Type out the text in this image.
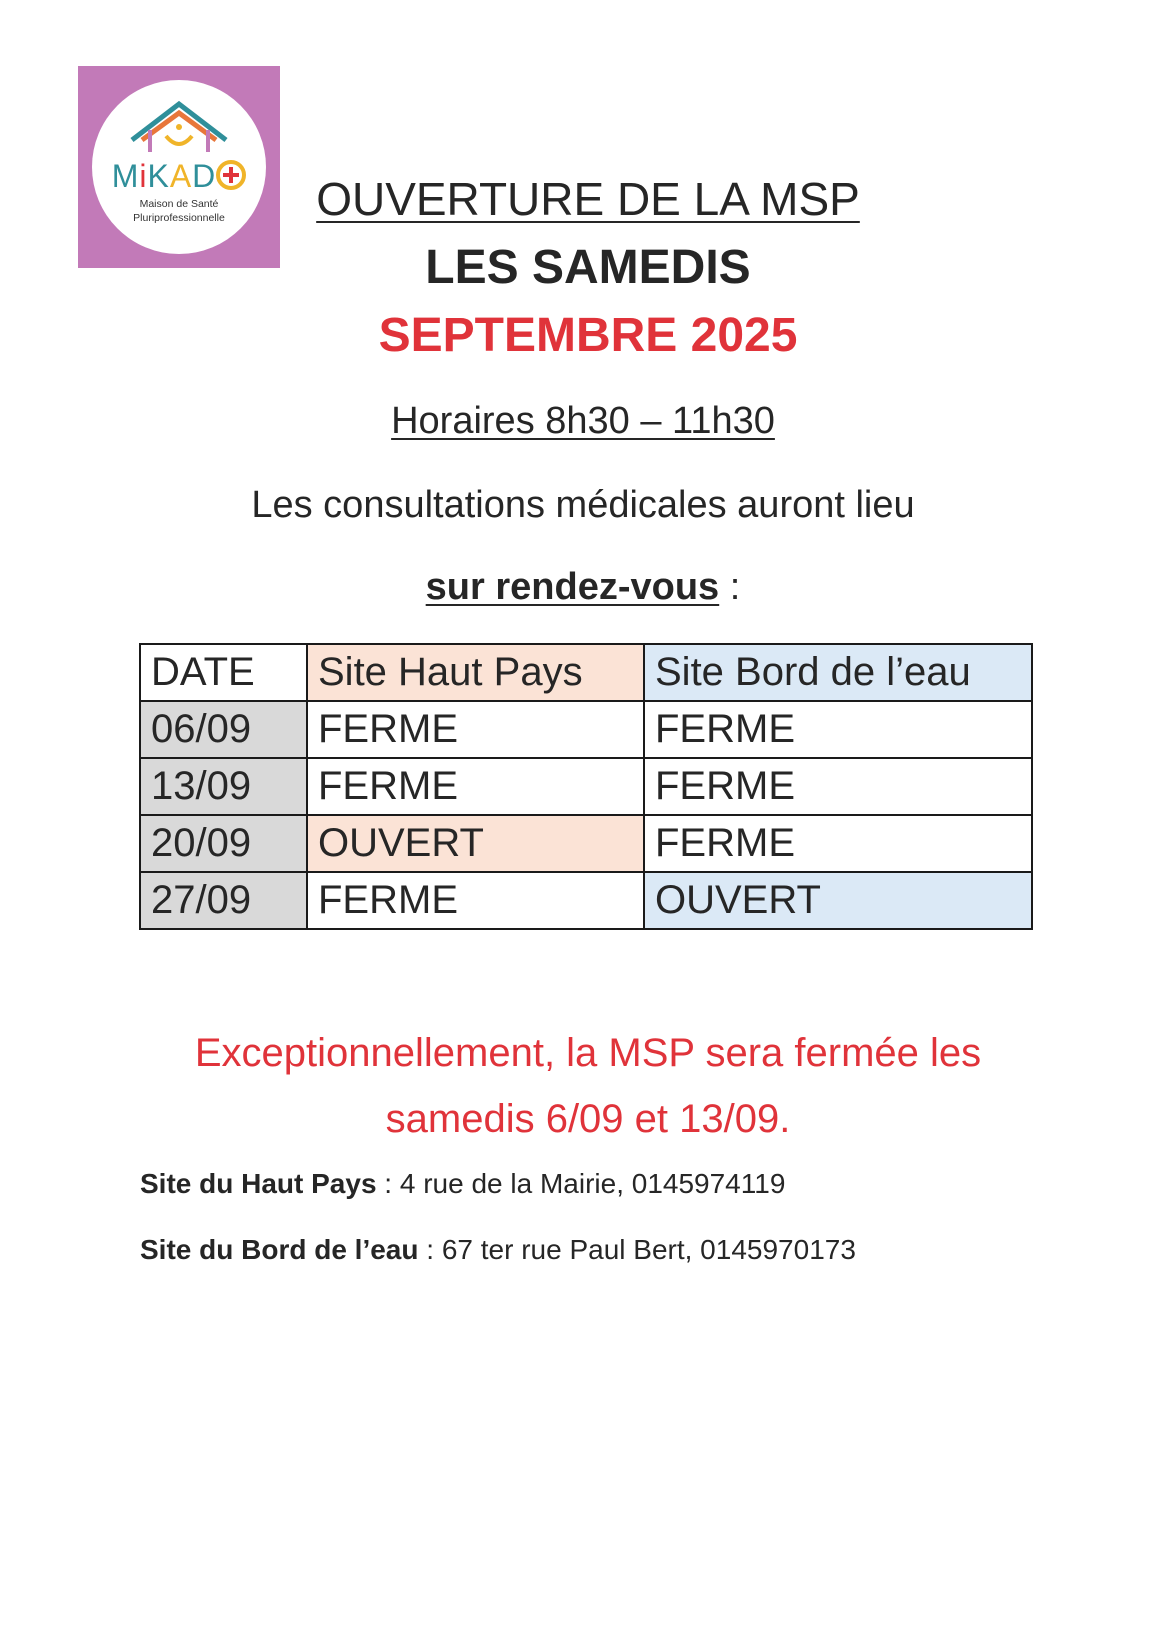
MiKAD
Maison de Santé
Pluriprofessionnelle	OUVERTURE DE LA MSP
LES SAMEDIS
SEPTEMBRE 2025
Horaires 8h30 – 11h30
Les consultations médicales auront lieu
sur rendez-vous :
DATE	Site Haut Pays	Site Bord de l’eau
06/09	FERME	FERME
13/09	FERME	FERME
20/09	OUVERT	FERME
27/09	FERME	OUVERT
Exceptionnellement, la MSP sera fermée les
samedis 6/09 et 13/09.
Site du Haut Pays : 4 rue de la Mairie, 0145974119
Site du Bord de l’eau : 67 ter rue Paul Bert, 0145970173
